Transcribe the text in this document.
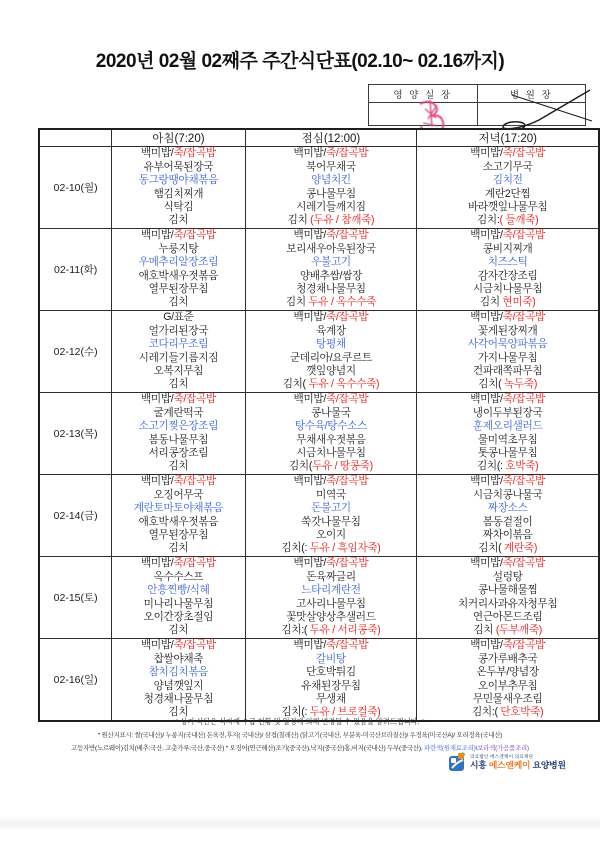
2020년 02월 02째주 주간식단표(02.10~ 02.16까지)
영 양 실 장	병 원 장
	아침(7:20)	점심(12:00)	저녁(17:20)
02-10(월)	
백미밥/죽/잡곡밥
유부어묵된장국
동그랑땡야채볶음
햄김치찌개
식탁김
김치

백미밥/죽/잡곡밥
북어무채국
양념치킨
콩나물무침
시레기들깨지짐
김치 (두유 / 참깨죽)

백미밥/죽/잡곡밥
소고기무국
김치전
계란2단찜
바라깻잎나물무침
김치:( 들깨죽)

02-11(화)	
백미밥/죽/잡곡밥
누룽지탕
우메추리알장조림
애호박새우젓볶음
열무된장무침
김치

백미밥/죽/잡곡밥
보리새우아욱된장국
우불고기
양배추쌈/쌈장
청경채나물무침
김치 두유 / 옥수수죽

백미밥/죽/잡곡밥
콩비지찌개
치즈스틱
감자간장조림
시금치나물무침
김치 현미죽)

02-12(수)	
G/표준
얼가리된장국
코다리무조림
시레기들기름지짐
오복지무침
김치

백미밥/죽/잡곡밥
육계장
탕평채
군데리아/요쿠르트
깻잎양념지
김치( 두유 / 옥수수죽)

백미밥/죽/잡곡밥
꽃게된장찌개
사각어묵양파볶음
가지나물무침
건파래쪽파무침
김치( 녹두죽)

02-13(목)	
백미밥/죽/잡곡밥
굴계란떡국
소고기찢은장조림
봄동나물무침
서리콩장조림
김치

백미밥/죽/잡곡밥
콩나물국
탕수육/탕수소스
무채새우젓볶음
시금치나물무침
김치(두유 / 땅콩죽)

백미밥/죽/잡곡밥
냉이두부된장국
훈제오리샐러드
물미역초무침
톳콩나물무침
김치(: 호박죽)

02-14(금)	
백미밥/죽/잡곡밥
오징어무국
계란토마토야채볶음
애호박새우젓볶음
열무된장무침
김치

백미밥/죽/잡곡밥
미역국
돈불고기
쑥갓나물무침
오이지
김치(: 두유 / 흑임자죽)

백미밥/죽/잡곡밥
시금치콩나물국
짜장소스
봄동겉절이
짜차이볶음
김치( 계란죽)

02-15(토)	
백미밥/죽/잡곡밥
옥수수스프
안흥찐빵/식혜
미나리나물무침
오이간장초절임
김치

백미밥/죽/잡곡밥
돈육짜글리
느타리계란전
고사리나물무침
꽃맛살양상추샐러드
김치:( 두유 / 서리콩죽)

백미밥/죽/잡곡밥
설렁탕
콩나물해물찜
치커리사과유자청무침
연근아몬드조림
김치 (두부깨죽)

02-16(일)	
백미밥/죽/잡곡밥
찹쌀야채죽
참치김치볶음
양념깻잎지
청경채나물무침
김치

백미밥/죽/잡곡밥
갈비탕
단호박튀김
유채된장무침
무생채
김치(: 두유 / 브로컬죽)

백미밥/죽/잡곡밥
콩가루배추국
온두부/양념장
오이부추무침
무민물새우조림
김치:( 단호박죽)
* 상기 식단은 식자재 수급 현황 및 일정에 의해 변경될 수 있음을 알려드립니다. *
* 원산지표시: 쌀(국내산)/ 누룽지(국내산) 돈육전,후지( 국내산)/ 삼겹(칠레산) (닭고기(국내산, 부분육-미국산브라질산)/ 우정육(미국산A)/ 오리정육(국내산)
고등자반(노르웨이)김치(배추:국산. 고춧가루:국산,중국산) * 오징어(연근해산)조기(중국산),낙지(중국산)홍,비지(국내산) 두부(중국산), 파란색(원재료조리)\보라색(가공품조리)
의료법인 에스앤케이 의료재단
시흥 에스앤케이 요양병원
